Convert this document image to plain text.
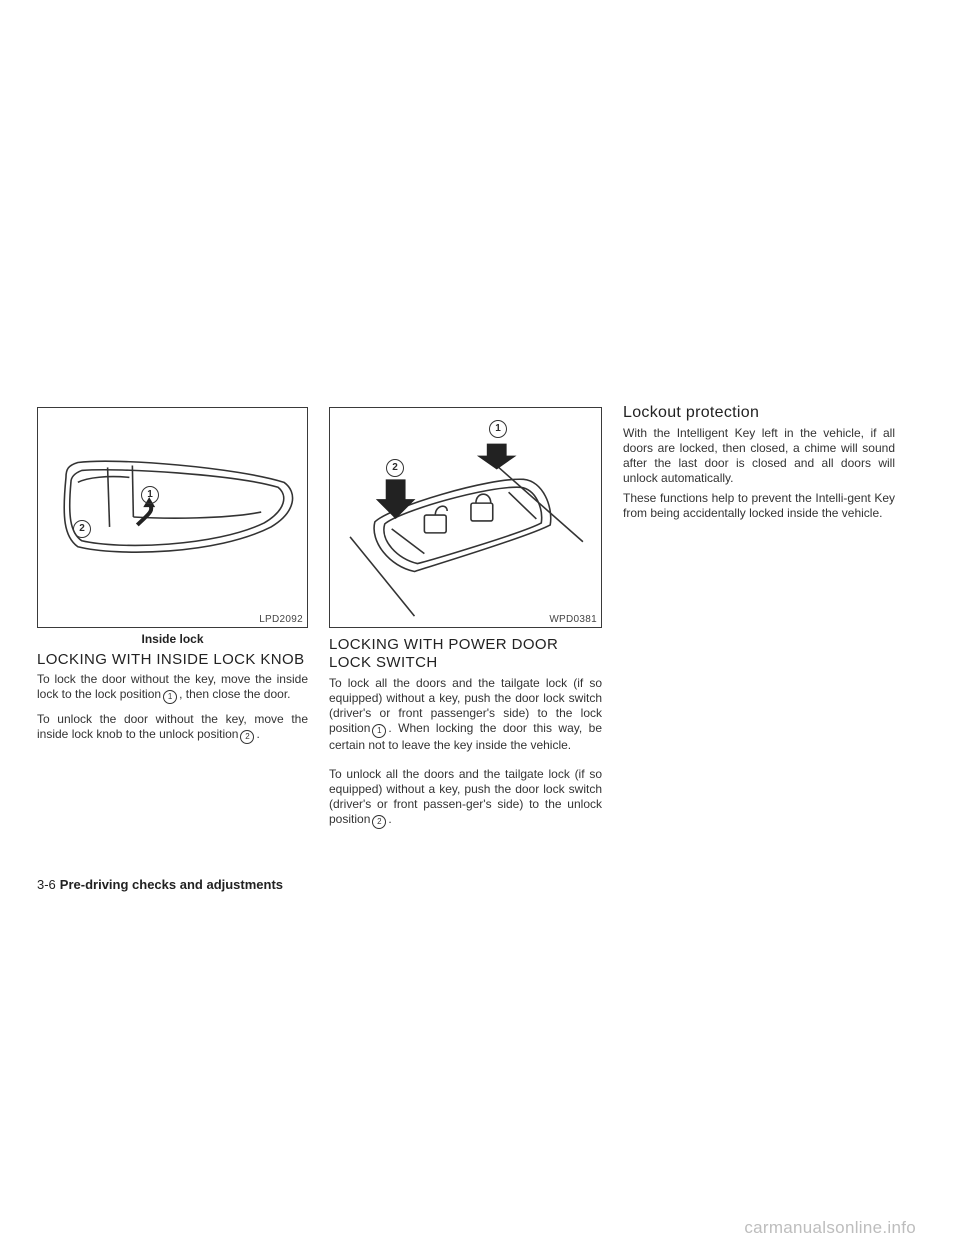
1
2
LPD2092
Inside lock
LOCKING WITH INSIDE LOCK KNOB

To lock the door without the key, move the inside lock to the lock position 1 , then close the door.

To unlock the door without the key, move the inside lock knob to the unlock position 2 .

1
2
WPD0381
LOCKING WITH POWER DOOR LOCK SWITCH

To lock all the doors and the tailgate lock (if so equipped) without a key, push the door lock switch (driver's or front passenger's side) to the lock position 1 . When locking the door this way, be certain not to leave the key inside the vehicle.

To unlock all the doors and the tailgate lock (if so equipped) without a key, push the door lock switch (driver's or front passen-ger's side) to the unlock position 2 .

Lockout protection

With the Intelligent Key left in the vehicle, if all doors are locked, then closed, a chime will sound after the last door is closed and all doors will unlock automatically.

These functions help to prevent the Intelli-gent Key from being accidentally locked inside the vehicle.

3-6 Pre-driving checks and adjustments
carmanualsonline.info
